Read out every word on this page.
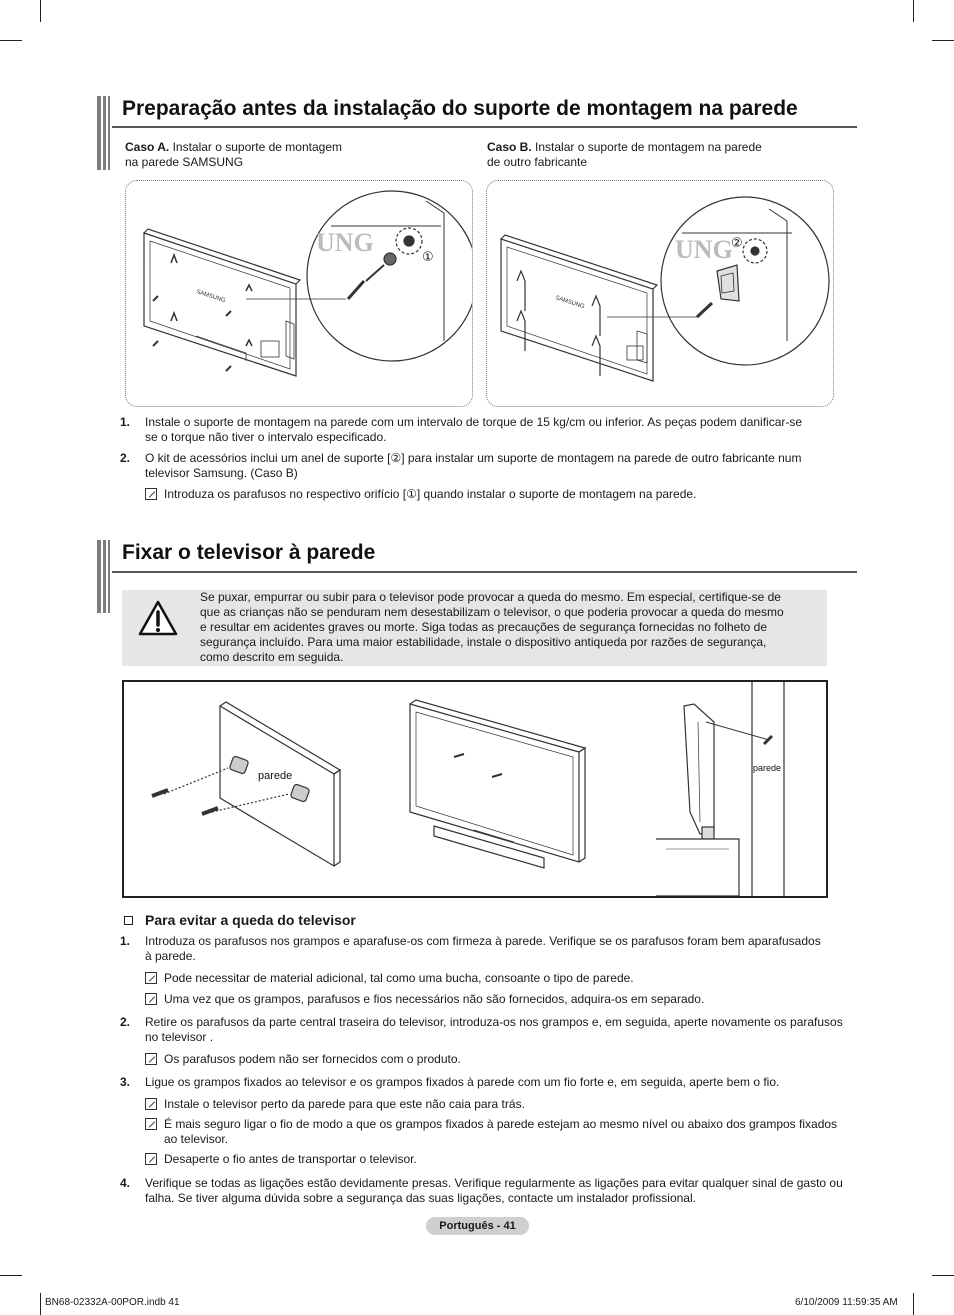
Preparação antes da instalação do suporte de montagem na parede
Caso A. Instalar o suporte de montagem
na parede SAMSUNG
Caso B. Instalar o suporte de montagem na parede
de outro fabricante
UNG
SAMSUNG
①	UNG
SAMSUNG
②
1. Instale o suporte de montagem na parede com um intervalo de torque de 15 kg/cm ou inferior. As peças podem danificar-se
se o torque não tiver o intervalo especificado.
2. O kit de acessórios inclui um anel de suporte [②] para instalar um suporte de montagem na parede de outro fabricante num
televisor Samsung. (Caso B)
Introduza os parafusos no respectivo orifício [①] quando instalar o suporte de montagem na parede.
Fixar o televisor à parede
Se puxar, empurrar ou subir para o televisor pode provocar a queda do mesmo. Em especial, certifique-se de
que as crianças não se penduram nem desestabilizam o televisor, o que poderia provocar a queda do mesmo
e resultar em acidentes graves ou morte. Siga todas as precauções de segurança fornecidas no folheto de
segurança incluído. Para uma maior estabilidade, instale o dispositivo antiqueda por razões de segurança,
como descrito em seguida.
parede
parede
Para evitar a queda do televisor
1. Introduza os parafusos nos grampos e aparafuse-os com firmeza à parede. Verifique se os parafusos foram bem aparafusados
à parede.
Pode necessitar de material adicional, tal como uma bucha, consoante o tipo de parede.
Uma vez que os grampos, parafusos e fios necessários não são fornecidos, adquira-os em separado.
2. Retire os parafusos da parte central traseira do televisor, introduza-os nos grampos e, em seguida, aperte novamente os parafusos
no televisor .
Os parafusos podem não ser fornecidos com o produto.
3. Ligue os grampos fixados ao televisor e os grampos fixados à parede com um fio forte e, em seguida, aperte bem o fio.
Instale o televisor perto da parede para que este não caia para trás.
É mais seguro ligar o fio de modo a que os grampos fixados à parede estejam ao mesmo nível ou abaixo dos grampos fixados
ao televisor.
Desaperte o fio antes de transportar o televisor.
4. Verifique se todas as ligações estão devidamente presas. Verifique regularmente as ligações para evitar qualquer sinal de gasto ou
falha. Se tiver alguma dúvida sobre a segurança das suas ligações, contacte um instalador profissional.
Português - 41
BN68-02332A-00POR.indb 41	6/10/2009 11:59:35 AM
